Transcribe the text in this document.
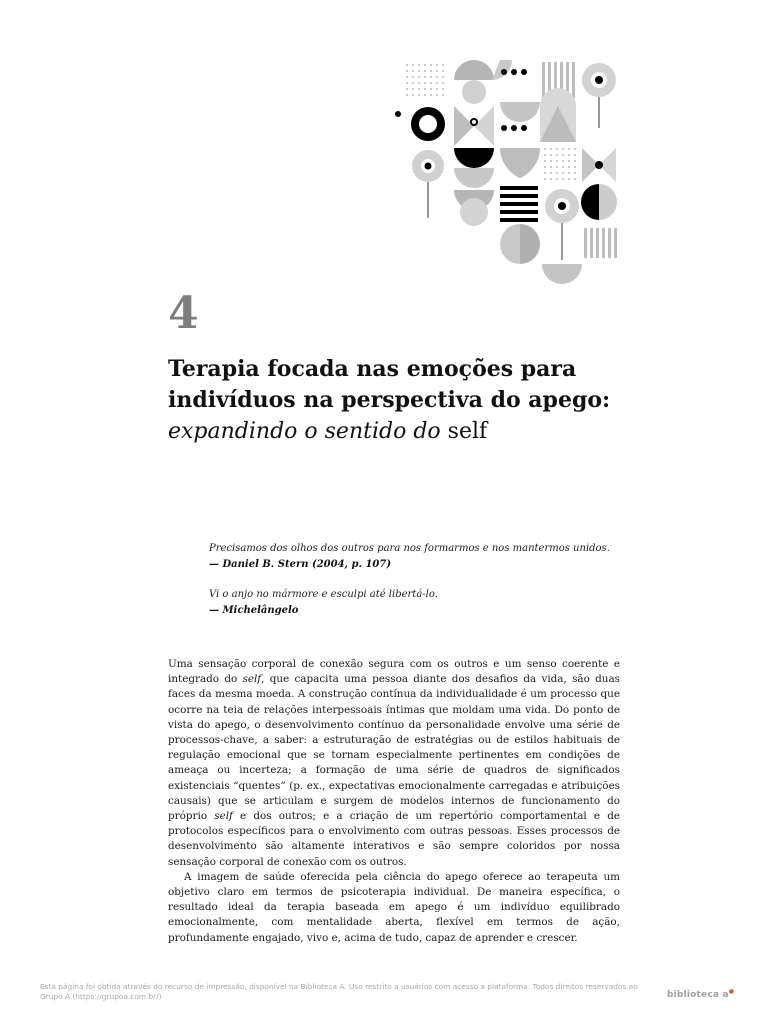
4
Terapia focada nas emoções para indivíduos na perspectiva do apego:
expandindo o sentido do self

Precisamos dos olhos dos outros para nos formarmos e nos mantermos unidos.

— Daniel B. Stern (2004, p. 107)

Vi o anjo no mármore e esculpi até libertá-lo.

— Michelângelo

Uma sensação corporal de conexão segura com os outros e um senso coerente e integrado do self, que capacita uma pessoa diante dos desafios da vida, são duas faces da mesma moeda. A construção contínua da individualidade é um processo que ocorre na teia de relações interpessoais íntimas que moldam uma vida. Do ponto de vista do apego, o desenvolvimento contínuo da personalidade envolve uma série de processos-chave, a saber: a estruturação de estratégias ou de estilos habituais de regulação emocional que se tornam especialmente pertinentes em condições de ameaça ou incerteza; a formação de uma série de quadros de significados existenciais “quentes” (p. ex., expectativas emocionalmente carregadas e atribuições causais) que se articulam e surgem de modelos internos de funcionamento do próprio self e dos outros; e a criação de um repertório comportamental e de protocolos específicos para o envolvimento com outras pessoas. Esses processos de desenvolvimento são altamente interativos e são sempre coloridos por nossa sensação corporal de conexão com os outros.

A imagem de saúde oferecida pela ciência do apego oferece ao terapeuta um objetivo claro em termos de psicoterapia individual. De maneira específica, o resultado ideal da terapia baseada em apego é um indivíduo equilibrado emocionalmente, com mentalidade aberta, flexível em termos de ação, profundamente engajado, vivo e, acima de tudo, capaz de aprender e crescer.

Esta página foi obtida através do recurso de impressão, disponível na Biblioteca A. Uso restrito a usuários com acesso a plataforma. Todos direitos reservados ao Grupo A (https://grupoa.com.br/)	biblioteca a●
